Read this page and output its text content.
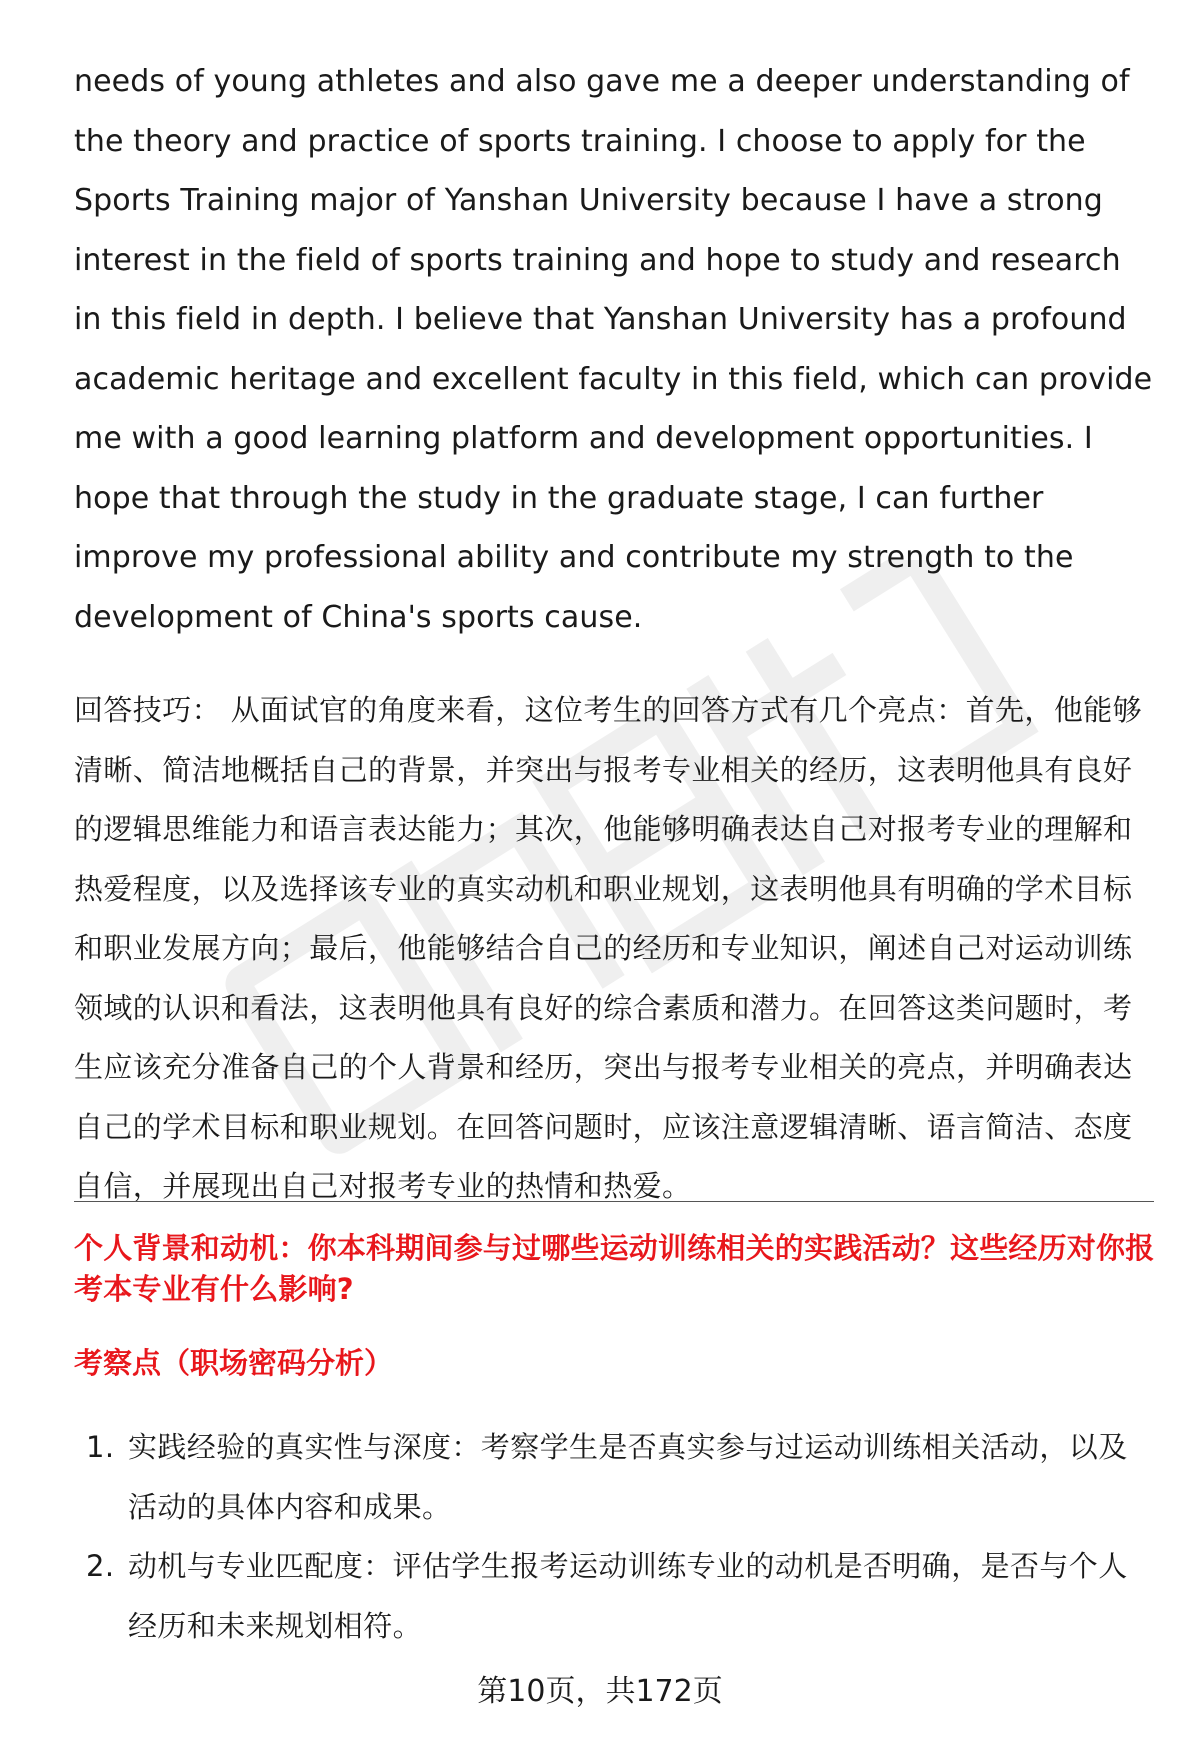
needs of young athletes and also gave me a deeper understanding of the theory and practice of sports training. I choose to apply for the Sports Training major of Yanshan University because I have a strong interest in the field of sports training and hope to study and research in this field in depth. I believe that Yanshan University has a profound academic heritage and excellent faculty in this field, which can provide me with a good learning platform and development opportunities. I hope that through the study in the graduate stage, I can further improve my professional ability and contribute my strength to the development of China's sports cause.

回答技巧： 从面试官的角度来看，这位考生的回答方式有几个亮点：首先，他能够清晰、简洁地概括自己的背景，并突出与报考专业相关的经历，这表明他具有良好的逻辑思维能力和语言表达能力；其次，他能够明确表达自己对报考专业的理解和热爱程度，以及选择该专业的真实动机和职业规划，这表明他具有明确的学术目标和职业发展方向；最后，他能够结合自己的经历和专业知识，阐述自己对运动训练领域的认识和看法，这表明他具有良好的综合素质和潜力。在回答这类问题时，考生应该充分准备自己的个人背景和经历，突出与报考专业相关的亮点，并明确表达自己的学术目标和职业规划。在回答问题时，应该注意逻辑清晰、语言简洁、态度自信，并展现出自己对报考专业的热情和热爱。

个人背景和动机：你本科期间参与过哪些运动训练相关的实践活动？这些经历对你报考本专业有什么影响?

考察点（职场密码分析）

1. 实践经验的真实性与深度：考察学生是否真实参与过运动训练相关活动，以及活动的具体内容和成果。
2. 动机与专业匹配度：评估学生报考运动训练专业的动机是否明确，是否与个人经历和未来规划相符。
第10页，共172页
